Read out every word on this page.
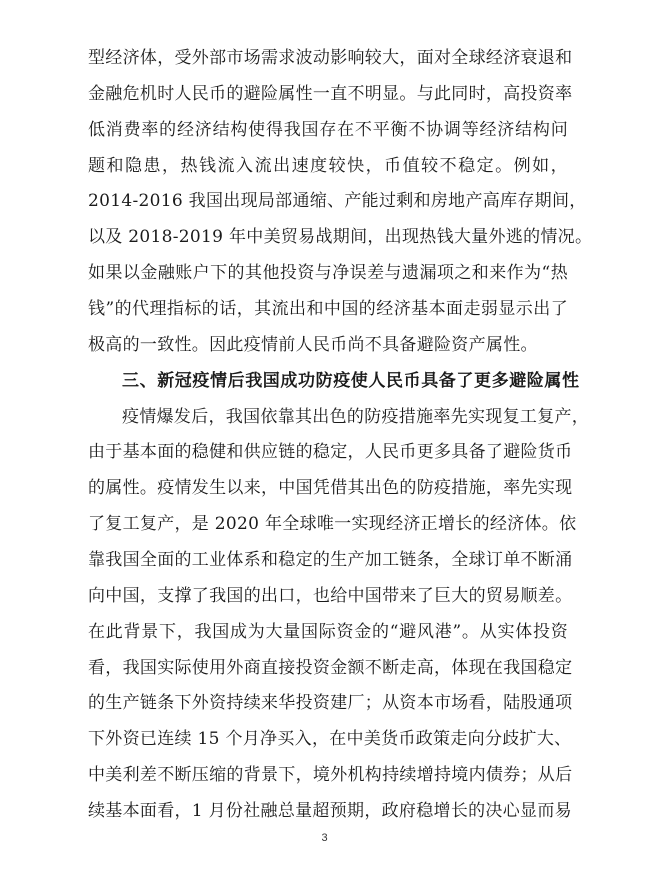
型经济体，受外部市场需求波动影响较大，面对全球经济衰退和
金融危机时人民币的避险属性一直不明显。与此同时，高投资率
低消费率的经济结构使得我国存在不平衡不协调等经济结构问
题和隐患，热钱流入流出速度较快，币值较不稳定。例如，
2014-2016 我国出现局部通缩、产能过剩和房地产高库存期间，
以及 2018-2019 年中美贸易战期间，出现热钱大量外逃的情况。
如果以金融账户下的其他投资与净误差与遗漏项之和来作为“热
钱”的代理指标的话，其流出和中国的经济基本面走弱显示出了
极高的一致性。因此疫情前人民币尚不具备避险资产属性。
三、新冠疫情后我国成功防疫使人民币具备了更多避险属性
疫情爆发后，我国依靠其出色的防疫措施率先实现复工复产，
由于基本面的稳健和供应链的稳定，人民币更多具备了避险货币
的属性。疫情发生以来，中国凭借其出色的防疫措施，率先实现
了复工复产，是 2020 年全球唯一实现经济正增长的经济体。依
靠我国全面的工业体系和稳定的生产加工链条，全球订单不断涌
向中国，支撑了我国的出口，也给中国带来了巨大的贸易顺差。
在此背景下，我国成为大量国际资金的“避风港”。从实体投资
看，我国实际使用外商直接投资金额不断走高，体现在我国稳定
的生产链条下外资持续来华投资建厂；从资本市场看，陆股通项
下外资已连续 15 个月净买入，在中美货币政策走向分歧扩大、
中美利差不断压缩的背景下，境外机构持续增持境内债券；从后
续基本面看，1 月份社融总量超预期，政府稳增长的决心显而易
3
